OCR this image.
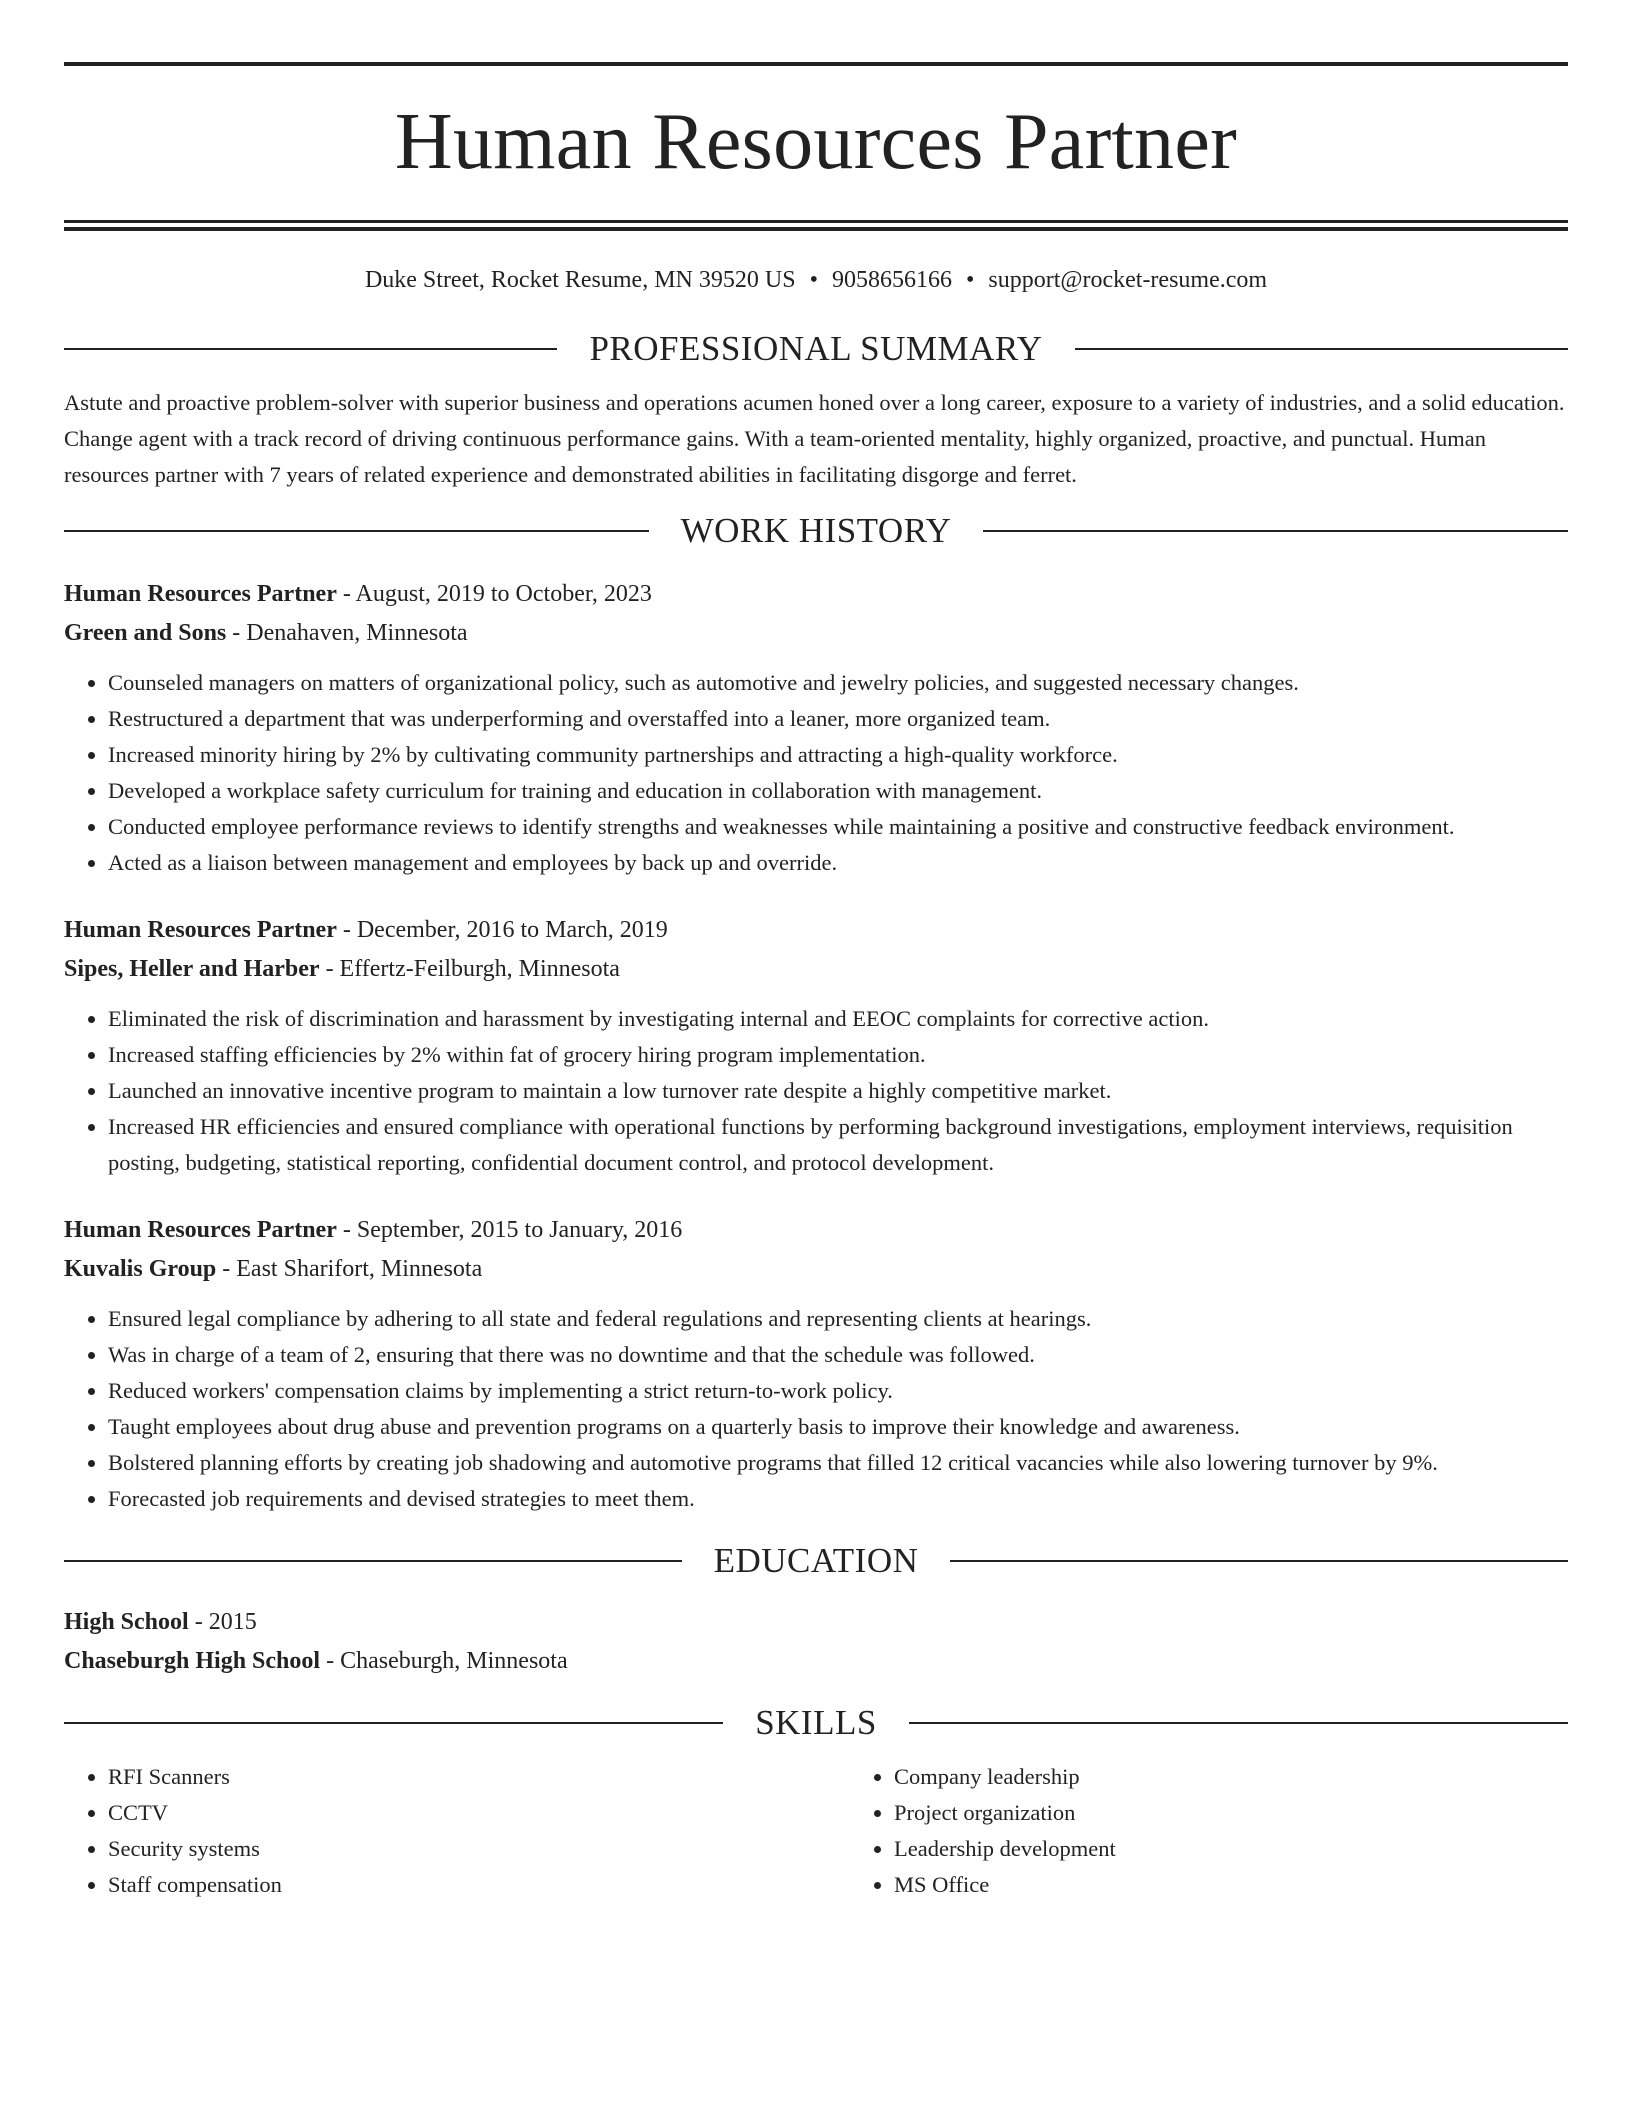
Human Resources Partner
Duke Street, Rocket Resume, MN 39520 US • 9058656166 • support@rocket-resume.com
PROFESSIONAL SUMMARY

Astute and proactive problem-solver with superior business and operations acumen honed over a long career, exposure to a variety of industries, and a solid education. Change agent with a track record of driving continuous performance gains. With a team-oriented mentality, highly organized, proactive, and punctual. Human resources partner with 7 years of related experience and demonstrated abilities in facilitating disgorge and ferret.

WORK HISTORY
Human Resources Partner - August, 2019 to October, 2023
Green and Sons - Denahaven, Minnesota
• Counseled managers on matters of organizational policy, such as automotive and jewelry policies, and suggested necessary changes.
• Restructured a department that was underperforming and overstaffed into a leaner, more organized team.
• Increased minority hiring by 2% by cultivating community partnerships and attracting a high-quality workforce.
• Developed a workplace safety curriculum for training and education in collaboration with management.
• Conducted employee performance reviews to identify strengths and weaknesses while maintaining a positive and constructive feedback environment.
• Acted as a liaison between management and employees by back up and override.
Human Resources Partner - December, 2016 to March, 2019
Sipes, Heller and Harber - Effertz-Feilburgh, Minnesota
• Eliminated the risk of discrimination and harassment by investigating internal and EEOC complaints for corrective action.
• Increased staffing efficiencies by 2% within fat of grocery hiring program implementation.
• Launched an innovative incentive program to maintain a low turnover rate despite a highly competitive market.
• Increased HR efficiencies and ensured compliance with operational functions by performing background investigations, employment interviews, requisition posting, budgeting, statistical reporting, confidential document control, and protocol development.
Human Resources Partner - September, 2015 to January, 2016
Kuvalis Group - East Sharifort, Minnesota
• Ensured legal compliance by adhering to all state and federal regulations and representing clients at hearings.
• Was in charge of a team of 2, ensuring that there was no downtime and that the schedule was followed.
• Reduced workers' compensation claims by implementing a strict return-to-work policy.
• Taught employees about drug abuse and prevention programs on a quarterly basis to improve their knowledge and awareness.
• Bolstered planning efforts by creating job shadowing and automotive programs that filled 12 critical vacancies while also lowering turnover by 9%.
• Forecasted job requirements and devised strategies to meet them.
EDUCATION
High School - 2015
Chaseburgh High School - Chaseburgh, Minnesota
SKILLS
• RFI Scanners
• CCTV
• Security systems
• Staff compensation
• Company leadership
• Project organization
• Leadership development
• MS Office
